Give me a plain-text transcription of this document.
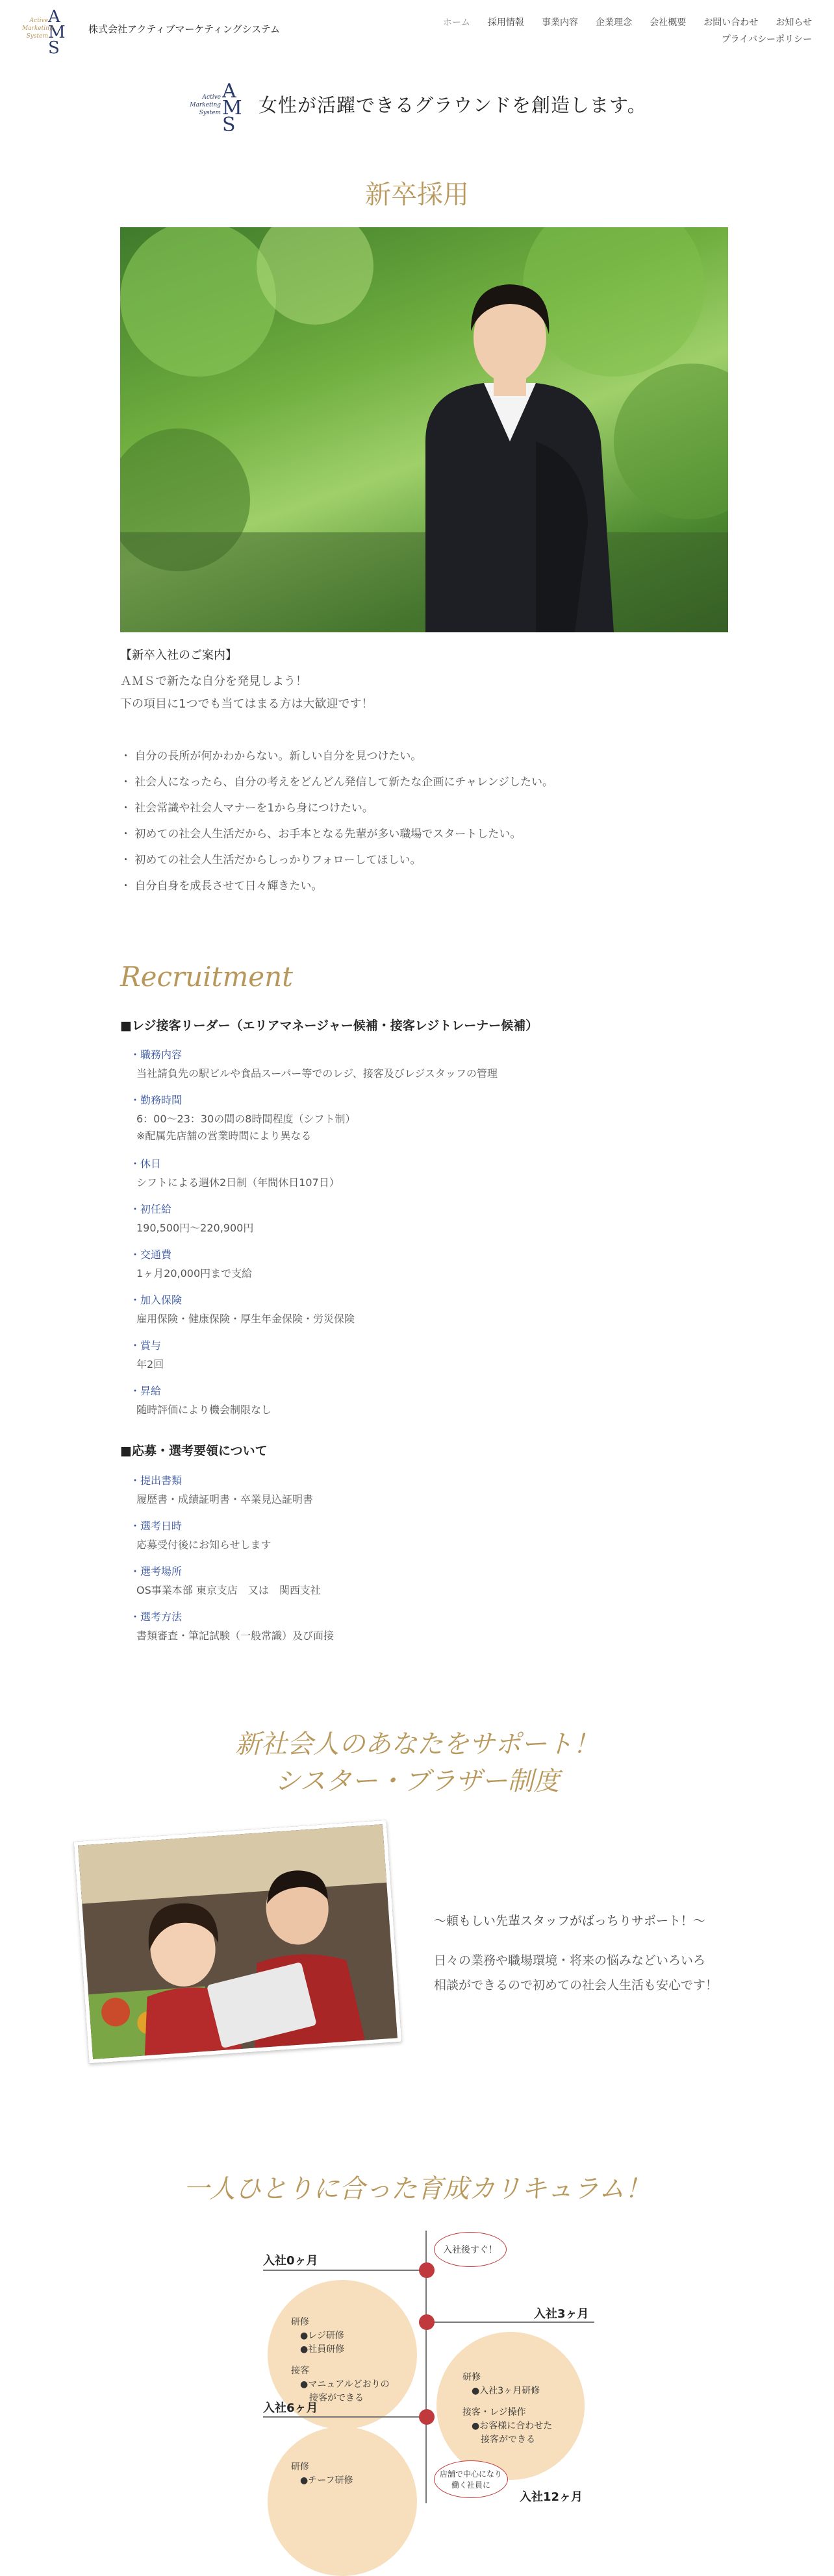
AMS
Active
Marketing
System
株式会社アクティブマーケティングシステム
ホーム 採用情報 事業内容 企業理念 会社概要 お問い合わせ お知らせ
プライバシーポリシー
AMS
Active
Marketing
System 女性が活躍できるグラウンドを創造します。
新卒採用
【新卒入社のご案内】
ＡＭＳで新たな自分を発見しよう！
下の項目に1つでも当てはまる方は大歓迎です！
・ 自分の長所が何かわからない。新しい自分を見つけたい。
・ 社会人になったら、自分の考えをどんどん発信して新たな企画にチャレンジしたい。
・ 社会常識や社会人マナーを1から身につけたい。
・ 初めての社会人生活だから、お手本となる先輩が多い職場でスタートしたい。
・ 初めての社会人生活だからしっかりフォローしてほしい。
・ 自分自身を成長させて日々輝きたい。
Recruitment
■レジ接客リーダー（エリアマネージャー候補・接客レジトレーナー候補）
・職務内容
当社請負先の駅ビルや食品スーパー等でのレジ、接客及びレジスタッフの管理
・勤務時間
6：00〜23：30の間の8時間程度（シフト制）
※配属先店舗の営業時間により異なる
・休日
シフトによる週休2日制（年間休日107日）
・初任給
190,500円〜220,900円
・交通費
1ヶ月20,000円まで支給
・加入保険
雇用保険・健康保険・厚生年金保険・労災保険
・賞与
年2回
・昇給
随時評価により機会制限なし
■応募・選考要領について
・提出書類
履歴書・成績証明書・卒業見込証明書
・選考日時
応募受付後にお知らせします
・選考場所
OS事業本部 東京支店　又は　関西支社
・選考方法
書類審査・筆記試験（一般常識）及び面接
新社会人のあなたをサポート！
シスター・ブラザー制度
〜頼もしい先輩スタッフがばっちりサポート！〜
日々の業務や職場環境・将来の悩みなどいろいろ
相談ができるので初めての社会人生活も安心です！
一人ひとりに合った育成カリキュラム！
入社0ヶ月
入社後すぐ！
研修
　●レジ研修
　●社員研修
接客
　●マニュアルどおりの
　　接客ができる
入社3ヶ月
研修
　●入社3ヶ月研修
接客・レジ操作
　●お客様に合わせた
　　接客ができる
入社6ヶ月
研修
　●チーフ研修
店舗で中心になり
働く社員に
入社12ヶ月
